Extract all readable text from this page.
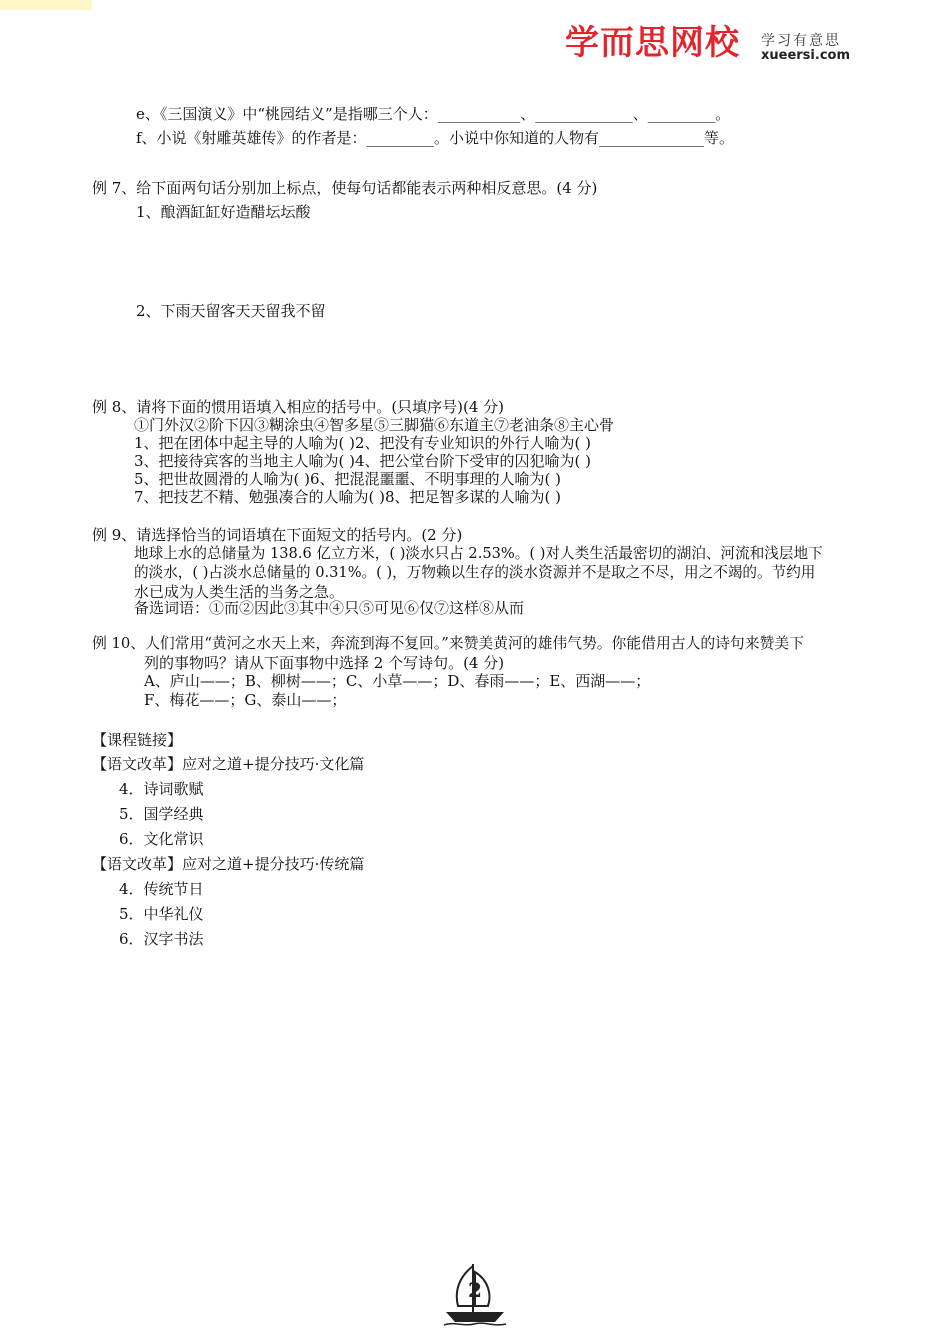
学而思网校 学习有意思
xueersi.com
e、《三国演义》中“桃园结义”是指哪三个人：___________、_____________、_________。
f、小说《射雕英雄传》的作者是：_________。小说中你知道的人物有______________等。
例 7、给下面两句话分别加上标点，使每句话都能表示两种相反意思。(4 分)
1、酿酒缸缸好造醋坛坛酸
2、下雨天留客天天留我不留
例 8、请将下面的惯用语填入相应的括号中。(只填序号)(4 分)
①门外汉②阶下囚③糊涂虫④智多星⑤三脚猫⑥东道主⑦老油条⑧主心骨
1、把在团体中起主导的人喻为( )2、把没有专业知识的外行人喻为( )
3、把接待宾客的当地主人喻为( )4、把公堂台阶下受审的囚犯喻为( )
5、把世故圆滑的人喻为( )6、把混混噩噩、不明事理的人喻为( )
7、把技艺不精、勉强凑合的人喻为( )8、把足智多谋的人喻为( )
例 9、请选择恰当的词语填在下面短文的括号内。(2 分)
地球上水的总储量为 138.6 亿立方米，( )淡水只占 2.53%。( )对人类生活最密切的湖泊、河流和浅层地下
的淡水，( )占淡水总储量的 0.31%。( )，万物赖以生存的淡水资源并不是取之不尽，用之不竭的。节约用
水已成为人类生活的当务之急。
备选词语：①而②因此③其中④只⑤可见⑥仅⑦这样⑧从而
例 10、人们常用“黄河之水天上来，奔流到海不复回。”来赞美黄河的雄伟气势。你能借用古人的诗句来赞美下
列的事物吗？请从下面事物中选择 2 个写诗句。(4 分)
A、庐山——；B、柳树——；C、小草——；D、春雨——；E、西湖——；
F、梅花——；G、泰山——；
【课程链接】
【语文改革】应对之道+提分技巧·文化篇
4．诗词歌赋
5．国学经典
6．文化常识
【语文改革】应对之道+提分技巧·传统篇
4．传统节日
5．中华礼仪
6．汉字书法
2
